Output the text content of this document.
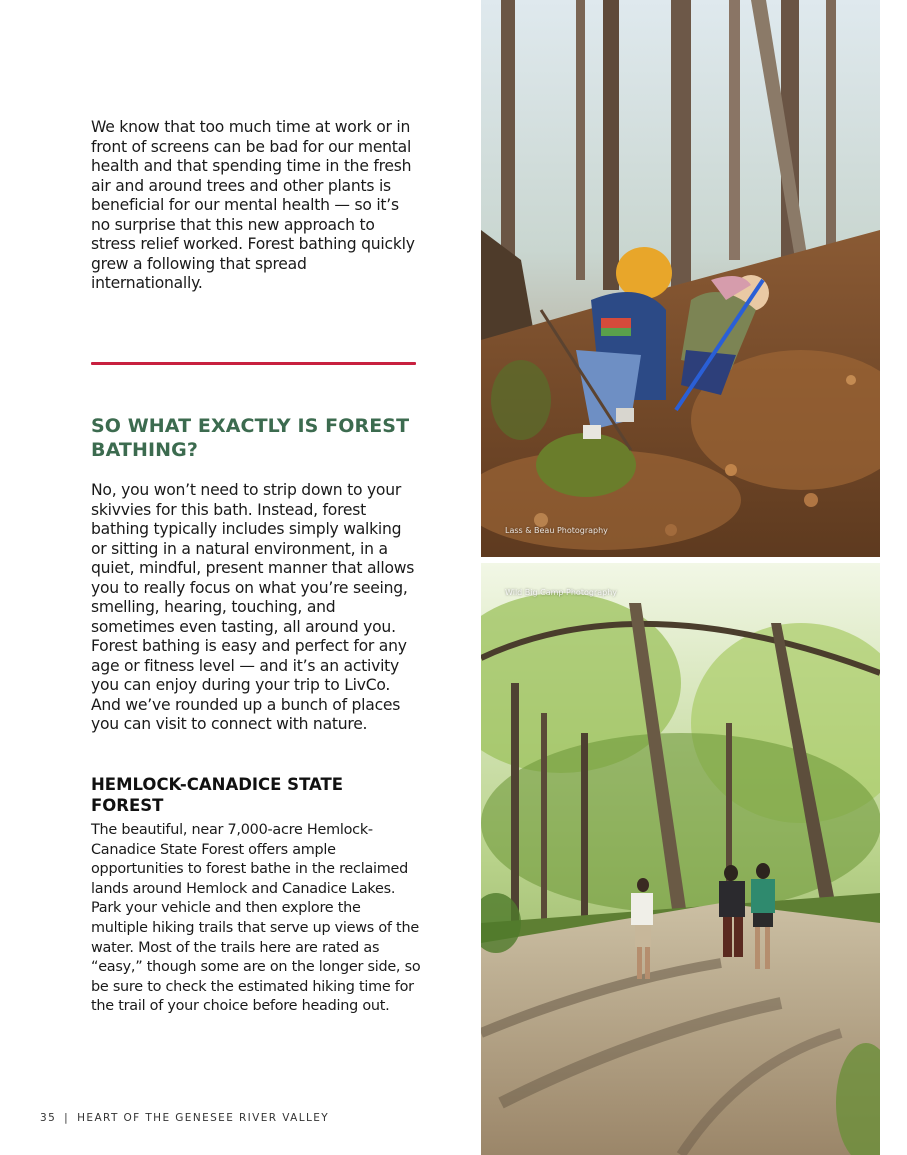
We know that too much time at work or in front of screens can be bad for our mental health and that spending time in the fresh air and around trees and other plants is beneficial for our mental health — so it’s no surprise that this new approach to stress relief worked. Forest bathing quickly grew a following that spread internationally.

SO WHAT EXACTLY IS FOREST BATHING?

No, you won’t need to strip down to your skivvies for this bath. Instead, forest bathing typically includes simply walking or sitting in a natural environment, in a quiet, mindful, present manner that allows you to really focus on what you’re seeing, smelling, hearing, touching, and sometimes even tasting, all around you. Forest bathing is easy and perfect for any age or fitness level — and it’s an activity you can enjoy during your trip to LivCo. And we’ve rounded up a bunch of places you can visit to connect with nature.

HEMLOCK-CANADICE STATE FOREST

The beautiful, near 7,000-acre Hemlock-Canadice State Forest offers ample opportunities to forest bathe in the reclaimed lands around Hemlock and Canadice Lakes. Park your vehicle and then explore the multiple hiking trails that serve up views of the water. Most of the trails here are rated as “easy,” though some are on the longer side, so be sure to check the estimated hiking time for the trail of your choice before heading out.

35 | HEART OF THE GENESEE RIVER VALLEY
Lass & Beau Photography
Wild Big Camp Photography
